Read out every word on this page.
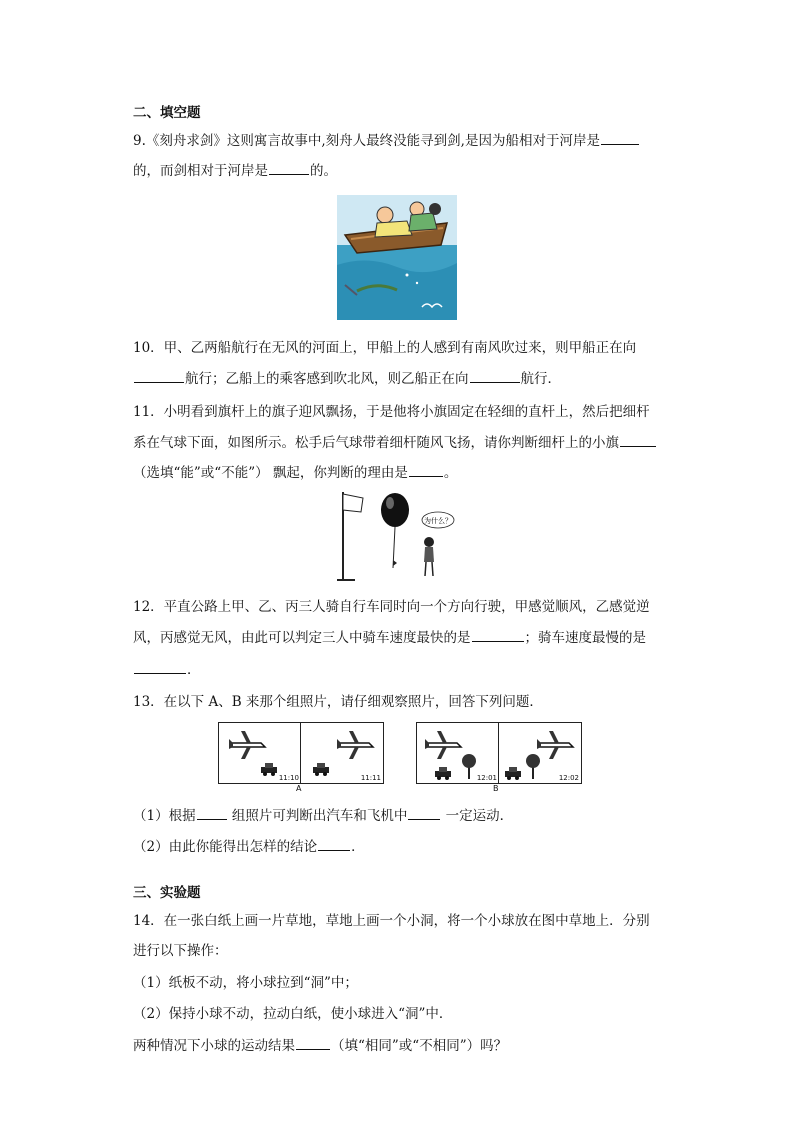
二、填空题
9.《刻舟求剑》这则寓言故事中,刻舟人最终没能寻到剑,是因为船相对于河岸是
的，而剑相对于河岸是	的。
10．甲、乙两船航行在无风的河面上，甲船上的人感到有南风吹过来，则甲船正在向
航行；乙船上的乘客感到吹北风，则乙船正在向	航行．
11．小明看到旗杆上的旗子迎风飘扬，于是他将小旗固定在轻细的直杆上，然后把细杆
系在气球下面，如图所示。松手后气球带着细杆随风飞扬，请你判断细杆上的小旗
（选填“能”或“不能”） 飘起，你判断的理由是	。
为什么？
12．平直公路上甲、乙、丙三人骑自行车同时向一个方向行驶，甲感觉顺风，乙感觉逆
风，丙感觉无风，由此可以判定三人中骑车速度最快的是	；骑车速度最慢的是
．
13．在以下 A、B 来那个组照片，请仔细观察照片，回答下列问题．
11:10	11:11
A
12:01	12:02
B
（1）根据 组照片可判断出汽车和飞机中	一定运动．
（2）由此你能得出怎样的结论	．
三、实验题
14．在一张白纸上画一片草地，草地上画一个小洞，将一个小球放在图中草地上．分别
进行以下操作：
（1）纸板不动，将小球拉到“洞”中；
（2）保持小球不动，拉动白纸，使小球进入“洞”中．
两种情况下小球的运动结果	（填“相同”或“不相同”）吗？
